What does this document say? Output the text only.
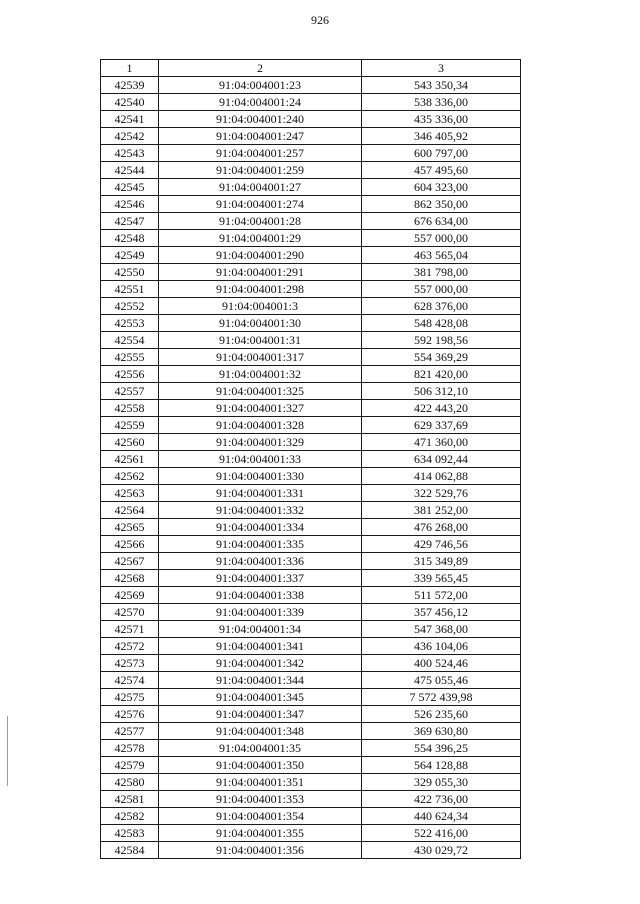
926
1	2	3
42539	91:04:004001:23	543 350,34
42540	91:04:004001:24	538 336,00
42541	91:04:004001:240	435 336,00
42542	91:04:004001:247	346 405,92
42543	91:04:004001:257	600 797,00
42544	91:04:004001:259	457 495,60
42545	91:04:004001:27	604 323,00
42546	91:04:004001:274	862 350,00
42547	91:04:004001:28	676 634,00
42548	91:04:004001:29	557 000,00
42549	91:04:004001:290	463 565,04
42550	91:04:004001:291	381 798,00
42551	91:04:004001:298	557 000,00
42552	91:04:004001:3	628 376,00
42553	91:04:004001:30	548 428,08
42554	91:04:004001:31	592 198,56
42555	91:04:004001:317	554 369,29
42556	91:04:004001:32	821 420,00
42557	91:04:004001:325	506 312,10
42558	91:04:004001:327	422 443,20
42559	91:04:004001:328	629 337,69
42560	91:04:004001:329	471 360,00
42561	91:04:004001:33	634 092,44
42562	91:04:004001:330	414 062,88
42563	91:04:004001:331	322 529,76
42564	91:04:004001:332	381 252,00
42565	91:04:004001:334	476 268,00
42566	91:04:004001:335	429 746,56
42567	91:04:004001:336	315 349,89
42568	91:04:004001:337	339 565,45
42569	91:04:004001:338	511 572,00
42570	91:04:004001:339	357 456,12
42571	91:04:004001:34	547 368,00
42572	91:04:004001:341	436 104,06
42573	91:04:004001:342	400 524,46
42574	91:04:004001:344	475 055,46
42575	91:04:004001:345	7 572 439,98
42576	91:04:004001:347	526 235,60
42577	91:04:004001:348	369 630,80
42578	91:04:004001:35	554 396,25
42579	91:04:004001:350	564 128,88
42580	91:04:004001:351	329 055,30
42581	91:04:004001:353	422 736,00
42582	91:04:004001:354	440 624,34
42583	91:04:004001:355	522 416,00
42584	91:04:004001:356	430 029,72
